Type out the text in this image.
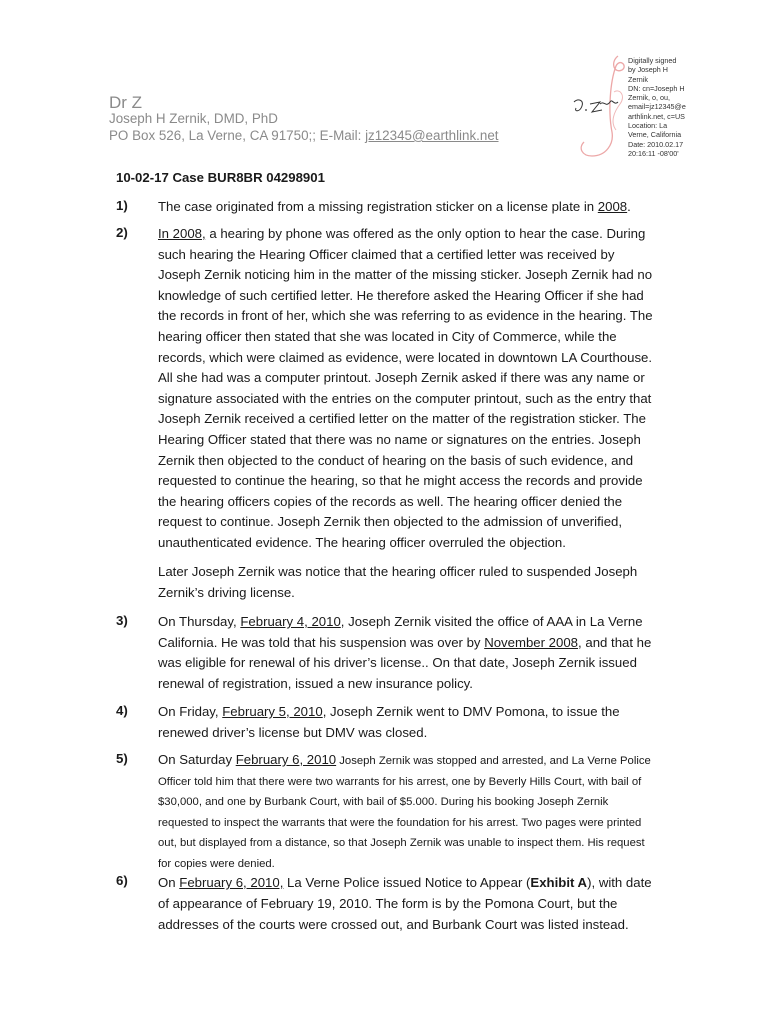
Dr Z
Joseph H Zernik, DMD, PhD
PO Box 526, La Verne, CA 91750;; E-Mail: jz12345@earthlink.net
Digitally signed
by Joseph H
Zernik
DN: cn=Joseph H
Zernik, o, ou,
email=jz12345@e
arthlink.net, c=US
Location: La
Verne, California
Date: 2010.02.17
20:16:11 -08'00'
10-02-17 Case BUR8BR 04298901
1) The case originated from a missing registration sticker on a license plate in 2008.
2) In 2008, a hearing by phone was offered as the only option to hear the case. During such hearing the Hearing Officer claimed that a certified letter was received by Joseph Zernik noticing him in the matter of the missing sticker. Joseph Zernik had no knowledge of such certified letter. He therefore asked the Hearing Officer if she had the records in front of her, which she was referring to as evidence in the hearing. The hearing officer then stated that she was located in City of Commerce, while the records, which were claimed as evidence, were located in downtown LA Courthouse. All she had was a computer printout. Joseph Zernik asked if there was any name or signature associated with the entries on the computer printout, such as the entry that Joseph Zernik received a certified letter on the matter of the registration sticker. The Hearing Officer stated that there was no name or signatures on the entries. Joseph Zernik then objected to the conduct of hearing on the basis of such evidence, and requested to continue the hearing, so that he might access the records and provide the hearing officers copies of the records as well. The hearing officer denied the request to continue. Joseph Zernik then objected to the admission of unverified, unauthenticated evidence. The hearing officer overruled the objection.
Later Joseph Zernik was notice that the hearing officer ruled to suspended Joseph Zernik’s driving license.
3) On Thursday, February 4, 2010, Joseph Zernik visited the office of AAA in La Verne California. He was told that his suspension was over by November 2008, and that he was eligible for renewal of his driver’s license.. On that date, Joseph Zernik issued renewal of registration, issued a new insurance policy.
4) On Friday, February 5, 2010, Joseph Zernik went to DMV Pomona, to issue the renewed driver’s license but DMV was closed.
5) On Saturday February 6, 2010 Joseph Zernik was stopped and arrested, and La Verne Police Officer told him that there were two warrants for his arrest, one by Beverly Hills Court, with bail of $30,000, and one by Burbank Court, with bail of $5.000. During his booking Joseph Zernik requested to inspect the warrants that were the foundation for his arrest. Two pages were printed out, but displayed from a distance, so that Joseph Zernik was unable to inspect them. His request for copies were denied.
6) On February 6, 2010, La Verne Police issued Notice to Appear (Exhibit A), with date of appearance of February 19, 2010. The form is by the Pomona Court, but the addresses of the courts were crossed out, and Burbank Court was listed instead.
